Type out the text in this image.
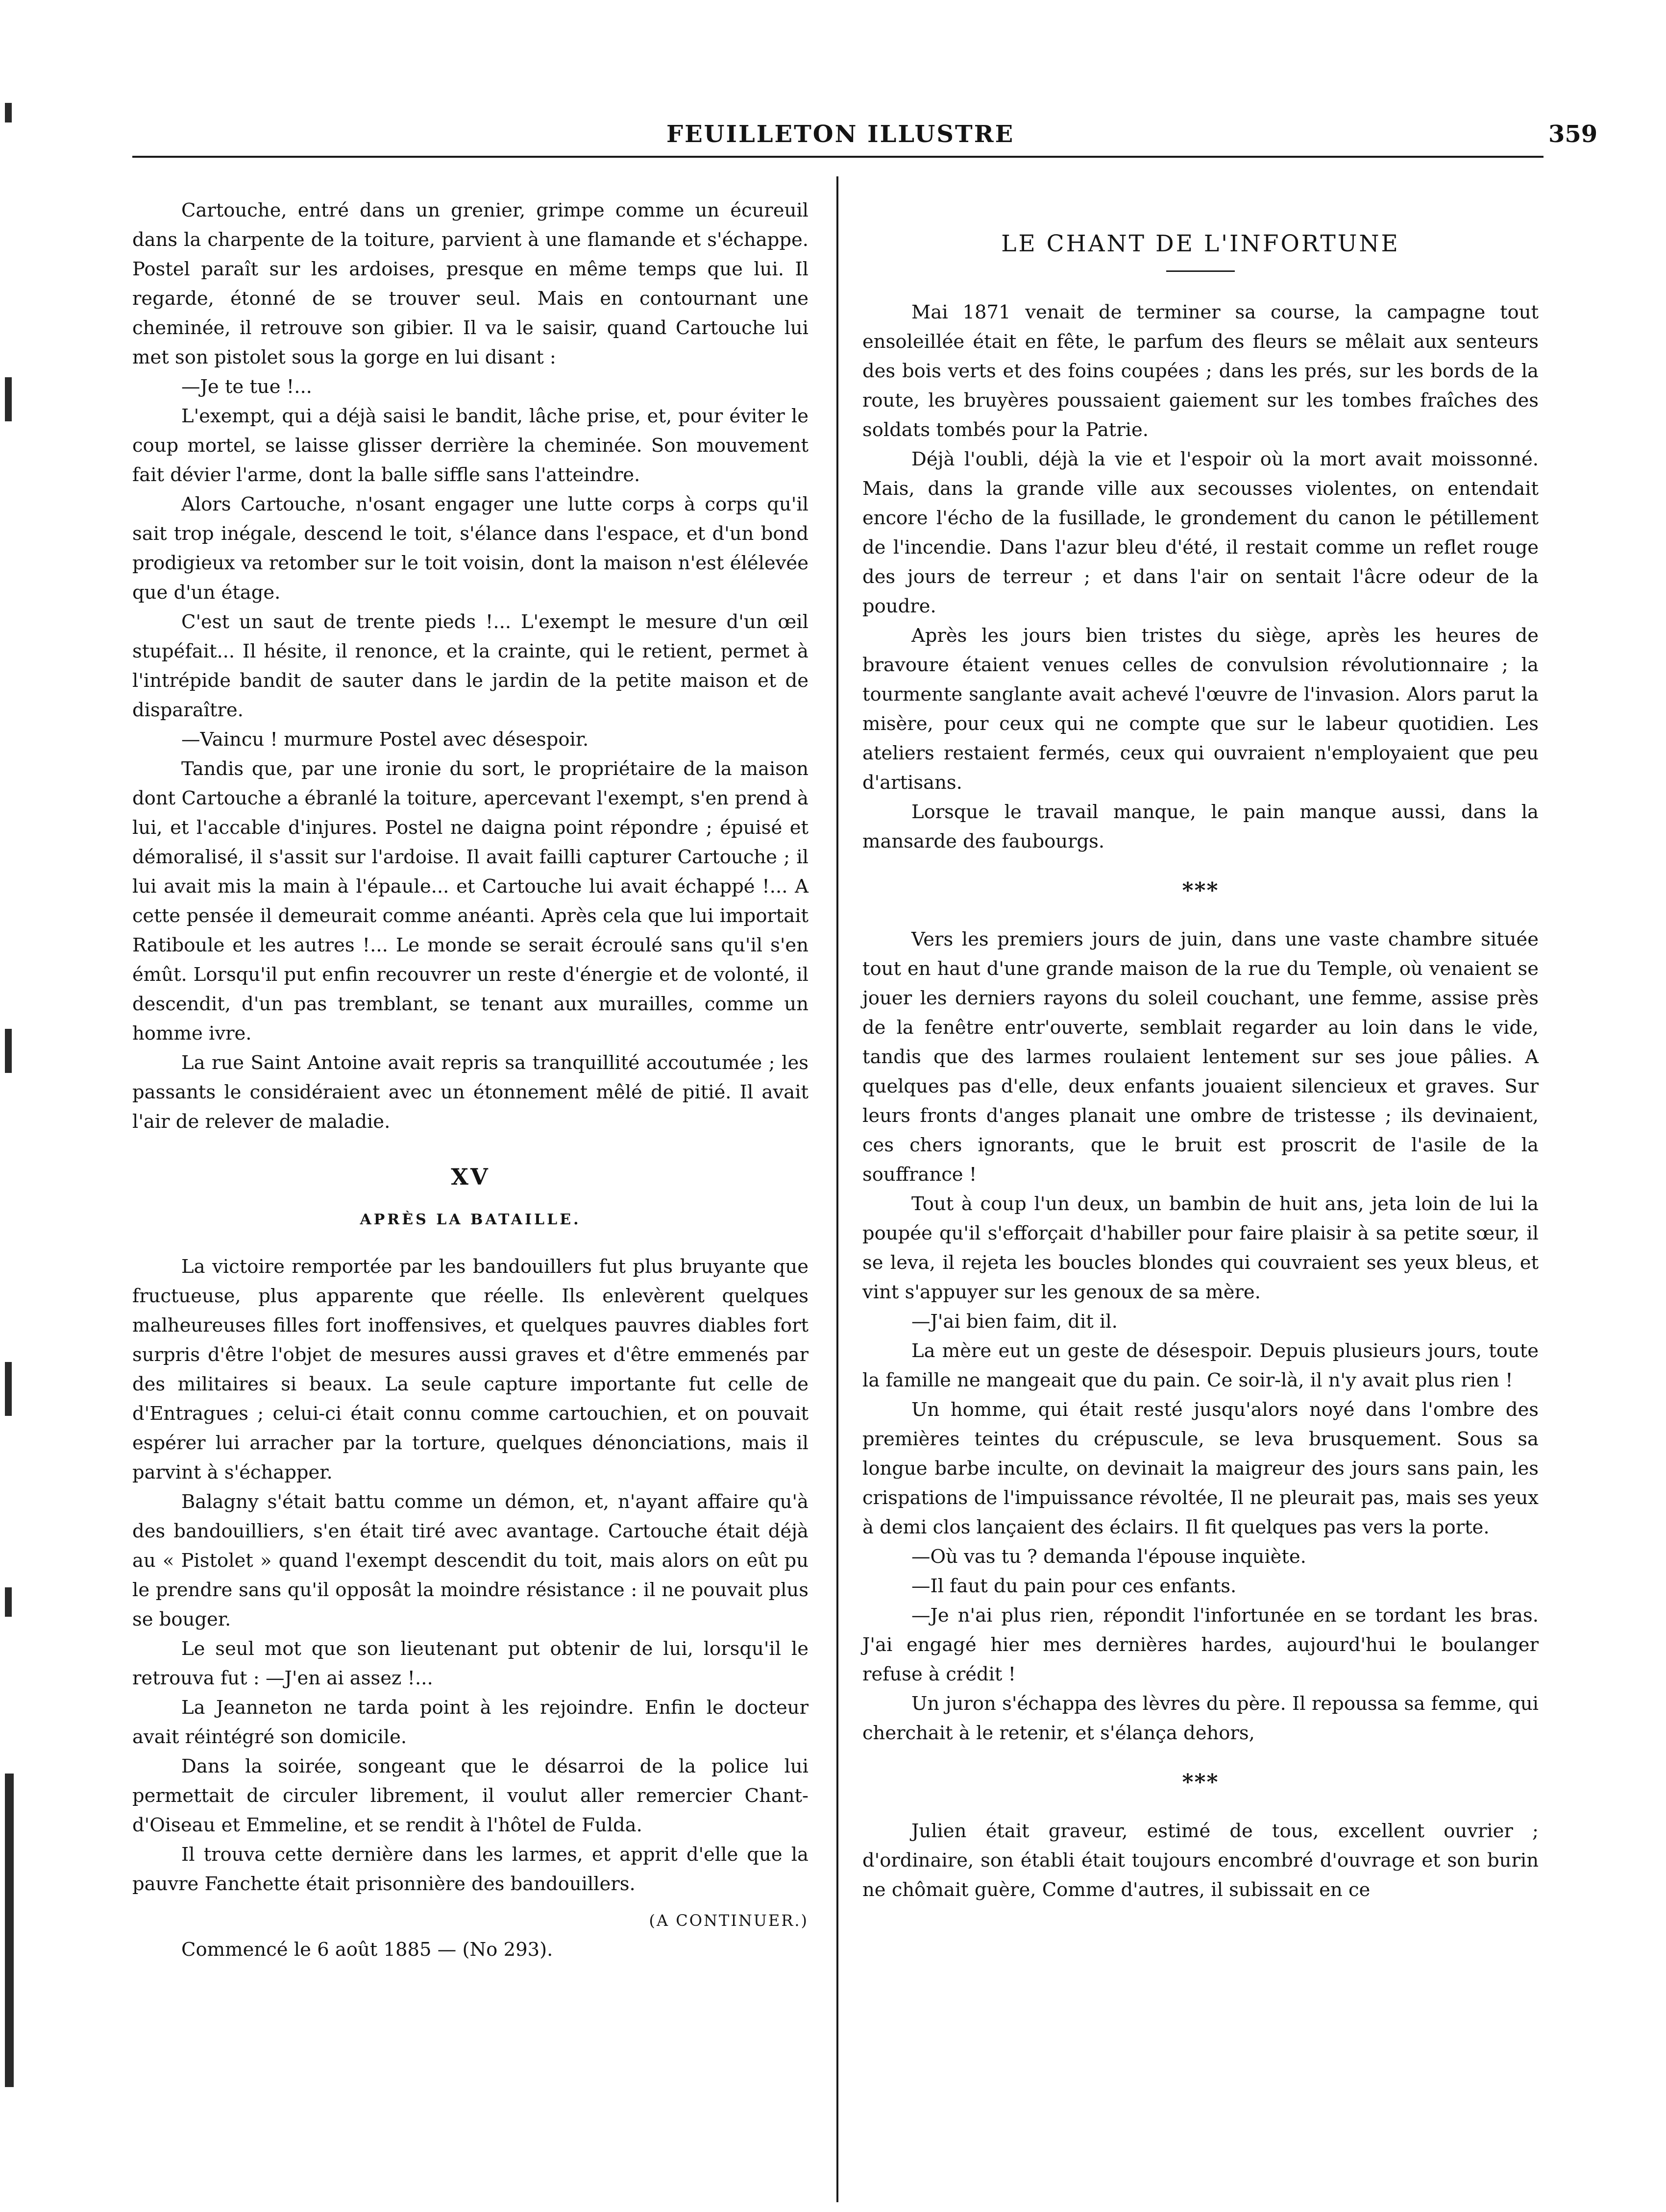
FEUILLETON ILLUSTRE	359

Cartouche, entré dans un grenier, grimpe comme un écureuil dans la charpente de la toiture, parvient à une flamande et s'échappe. Postel paraît sur les ardoises, presque en même temps que lui. Il regarde, étonné de se trouver seul. Mais en contournant une cheminée, il retrouve son gibier. Il va le saisir, quand Cartouche lui met son pistolet sous la gorge en lui disant :

—Je te tue !...

L'exempt, qui a déjà saisi le bandit, lâche prise, et, pour éviter le coup mortel, se laisse glisser derrière la cheminée. Son mouvement fait dévier l'arme, dont la balle siffle sans l'atteindre.

Alors Cartouche, n'osant engager une lutte corps à corps qu'il sait trop inégale, descend le toit, s'élance dans l'espace, et d'un bond prodigieux va retomber sur le toit voisin, dont la maison n'est élélevée que d'un étage.

C'est un saut de trente pieds !... L'exempt le mesure d'un œil stupéfait... Il hésite, il renonce, et la crainte, qui le retient, permet à l'intrépide bandit de sauter dans le jardin de la petite maison et de disparaître.

—Vaincu ! murmure Postel avec désespoir.

Tandis que, par une ironie du sort, le propriétaire de la maison dont Cartouche a ébranlé la toiture, apercevant l'exempt, s'en prend à lui, et l'accable d'injures. Postel ne daigna point répondre ; épuisé et démoralisé, il s'assit sur l'ardoise. Il avait failli capturer Cartouche ; il lui avait mis la main à l'épaule... et Cartouche lui avait échappé !... A cette pensée il demeurait comme anéanti. Après cela que lui importait Ratiboule et les autres !... Le monde se serait écroulé sans qu'il s'en émût. Lorsqu'il put enfin recouvrer un reste d'énergie et de volonté, il descendit, d'un pas tremblant, se tenant aux murailles, comme un homme ivre.

La rue Saint Antoine avait repris sa tranquillité accoutumée ; les passants le considéraient avec un étonnement mêlé de pitié. Il avait l'air de relever de maladie.

XV
APRÈS LA BATAILLE.

La victoire remportée par les bandouillers fut plus bruyante que fructueuse, plus apparente que réelle. Ils enlevèrent quelques malheureuses filles fort inoffensives, et quelques pauvres diables fort surpris d'être l'objet de mesures aussi graves et d'être emmenés par des militaires si beaux. La seule capture importante fut celle de d'Entragues ; celui-ci était connu comme cartouchien, et on pouvait espérer lui arracher par la torture, quelques dénonciations, mais il parvint à s'échapper.

Balagny s'était battu comme un démon, et, n'ayant affaire qu'à des bandouilliers, s'en était tiré avec avantage. Cartouche était déjà au « Pistolet » quand l'exempt descendit du toit, mais alors on eût pu le prendre sans qu'il opposât la moindre résistance : il ne pouvait plus se bouger.

Le seul mot que son lieutenant put obtenir de lui, lorsqu'il le retrouva fut : —J'en ai assez !...

La Jeanneton ne tarda point à les rejoindre. Enfin le docteur avait réintégré son domicile.

Dans la soirée, songeant que le désarroi de la police lui permettait de circuler librement, il voulut aller remercier Chant-d'Oiseau et Emmeline, et se rendit à l'hôtel de Fulda.

Il trouva cette dernière dans les larmes, et apprit d'elle que la pauvre Fanchette était prisonnière des bandouillers.

(A CONTINUER.)

Commencé le 6 août 1885 — (No 293).

LE CHANT DE L'INFORTUNE

Mai 1871 venait de terminer sa course, la campagne tout ensoleillée était en fête, le parfum des fleurs se mêlait aux senteurs des bois verts et des foins coupées ; dans les prés, sur les bords de la route, les bruyères poussaient gaiement sur les tombes fraîches des soldats tombés pour la Patrie.

Déjà l'oubli, déjà la vie et l'espoir où la mort avait moissonné. Mais, dans la grande ville aux secousses violentes, on entendait encore l'écho de la fusillade, le grondement du canon le pétillement de l'incendie. Dans l'azur bleu d'été, il restait comme un reflet rouge des jours de terreur ; et dans l'air on sentait l'âcre odeur de la poudre.

Après les jours bien tristes du siège, après les heures de bravoure étaient venues celles de convulsion révolutionnaire ; la tourmente sanglante avait achevé l'œuvre de l'invasion. Alors parut la misère, pour ceux qui ne compte que sur le labeur quotidien. Les ateliers restaient fermés, ceux qui ouvraient n'employaient que peu d'artisans.

Lorsque le travail manque, le pain manque aussi, dans la mansarde des faubourgs.

***

Vers les premiers jours de juin, dans une vaste chambre située tout en haut d'une grande maison de la rue du Temple, où venaient se jouer les derniers rayons du soleil couchant, une femme, assise près de la fenêtre entr'ouverte, semblait regarder au loin dans le vide, tandis que des larmes roulaient lentement sur ses joue pâlies. A quelques pas d'elle, deux enfants jouaient silencieux et graves. Sur leurs fronts d'anges planait une ombre de tristesse ; ils devinaient, ces chers ignorants, que le bruit est proscrit de l'asile de la souffrance !

Tout à coup l'un deux, un bambin de huit ans, jeta loin de lui la poupée qu'il s'efforçait d'habiller pour faire plaisir à sa petite sœur, il se leva, il rejeta les boucles blondes qui couvraient ses yeux bleus, et vint s'appuyer sur les genoux de sa mère.

—J'ai bien faim, dit il.

La mère eut un geste de désespoir. Depuis plusieurs jours, toute la famille ne mangeait que du pain. Ce soir-là, il n'y avait plus rien !

Un homme, qui était resté jusqu'alors noyé dans l'ombre des premières teintes du crépuscule, se leva brusquement. Sous sa longue barbe inculte, on devinait la maigreur des jours sans pain, les crispations de l'impuissance révoltée, Il ne pleurait pas, mais ses yeux à demi clos lançaient des éclairs. Il fit quelques pas vers la porte.

—Où vas tu ? demanda l'épouse inquiète.

—Il faut du pain pour ces enfants.

—Je n'ai plus rien, répondit l'infortunée en se tordant les bras. J'ai engagé hier mes dernières hardes, aujourd'hui le boulanger refuse à crédit !

Un juron s'échappa des lèvres du père. Il repoussa sa femme, qui cherchait à le retenir, et s'élança dehors,

***

Julien était graveur, estimé de tous, excellent ouvrier ; d'ordinaire, son établi était toujours encombré d'ouvrage et son burin ne chômait guère, Comme d'autres, il subissait en ce
